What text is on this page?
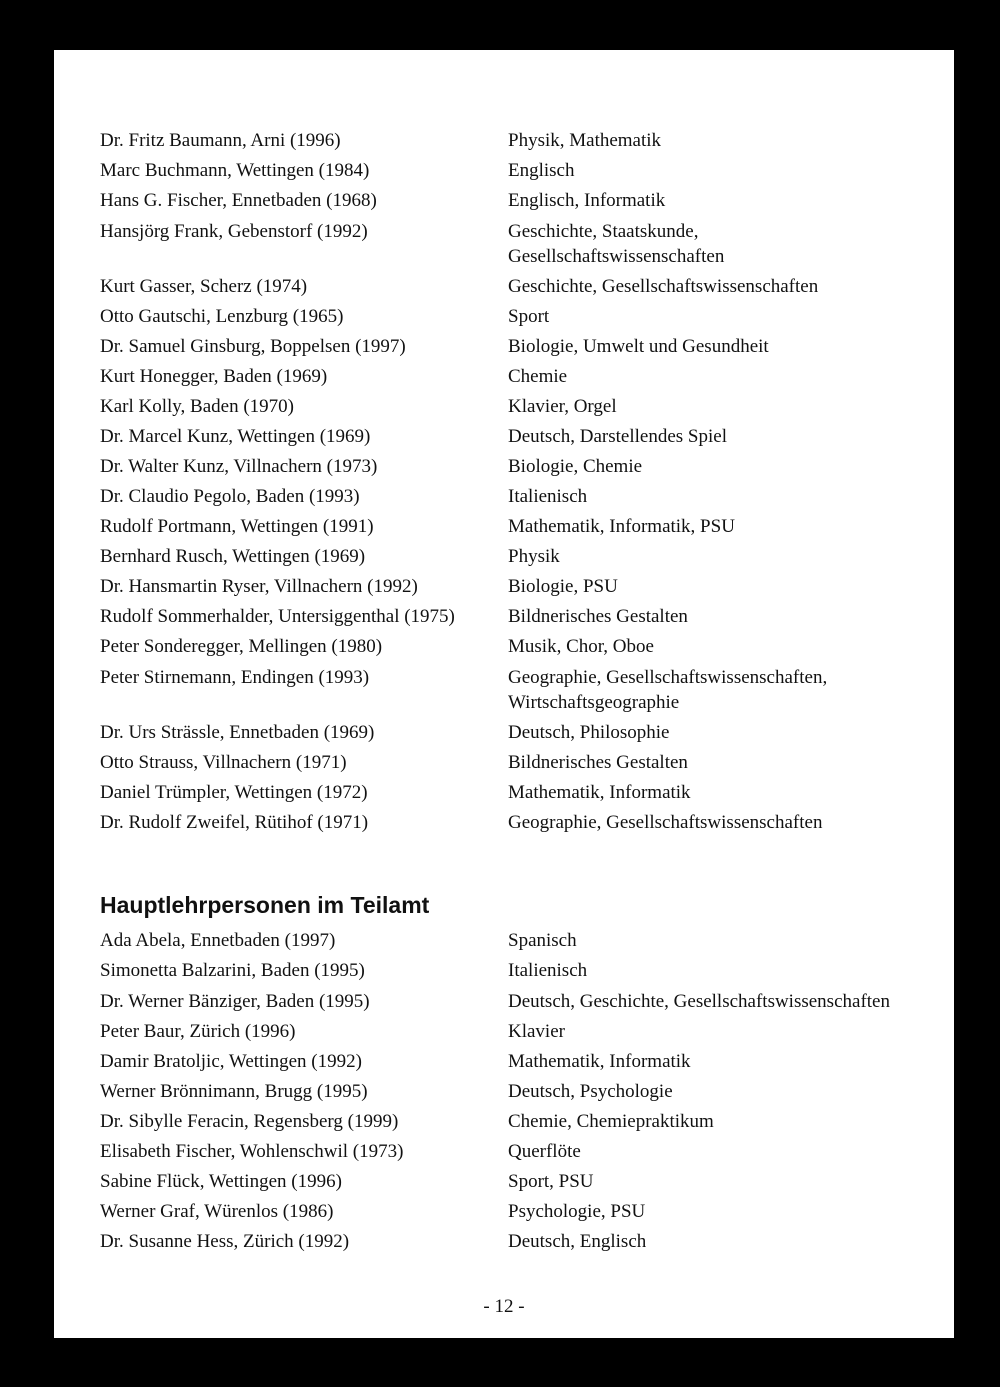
Dr. Fritz Baumann, Arni (1996)	Physik, Mathematik
Marc Buchmann, Wettingen (1984)	Englisch
Hans G. Fischer, Ennetbaden (1968)	Englisch, Informatik
Hansjörg Frank, Gebenstorf (1992)	Geschichte, Staatskunde, Gesellschaftswissenschaften
Kurt Gasser, Scherz (1974)	Geschichte, Gesellschaftswissenschaften
Otto Gautschi, Lenzburg (1965)	Sport
Dr. Samuel Ginsburg, Boppelsen (1997)	Biologie, Umwelt und Gesundheit
Kurt Honegger, Baden (1969)	Chemie
Karl Kolly, Baden (1970)	Klavier, Orgel
Dr. Marcel Kunz, Wettingen (1969)	Deutsch, Darstellendes Spiel
Dr. Walter Kunz, Villnachern (1973)	Biologie, Chemie
Dr. Claudio Pegolo, Baden (1993)	Italienisch
Rudolf Portmann, Wettingen (1991)	Mathematik, Informatik, PSU
Bernhard Rusch, Wettingen (1969)	Physik
Dr. Hansmartin Ryser, Villnachern (1992)	Biologie, PSU
Rudolf Sommerhalder, Untersiggenthal (1975)	Bildnerisches Gestalten
Peter Sonderegger, Mellingen (1980)	Musik, Chor, Oboe
Peter Stirnemann, Endingen (1993)	Geographie, Gesellschaftswissenschaften, Wirtschaftsgeographie
Dr. Urs Strässle, Ennetbaden (1969)	Deutsch, Philosophie
Otto Strauss, Villnachern (1971)	Bildnerisches Gestalten
Daniel Trümpler, Wettingen (1972)	Mathematik, Informatik
Dr. Rudolf Zweifel, Rütihof (1971)	Geographie, Gesellschaftswissenschaften
Hauptlehrpersonen im Teilamt
Ada Abela, Ennetbaden (1997)	Spanisch
Simonetta Balzarini, Baden (1995)	Italienisch
Dr. Werner Bänziger, Baden (1995)	Deutsch, Geschichte, Gesellschaftswissenschaften
Peter Baur, Zürich (1996)	Klavier
Damir Bratoljic, Wettingen (1992)	Mathematik, Informatik
Werner Brönnimann, Brugg (1995)	Deutsch, Psychologie
Dr. Sibylle Feracin, Regensberg (1999)	Chemie, Chemiepraktikum
Elisabeth Fischer, Wohlenschwil (1973)	Querflöte
Sabine Flück, Wettingen (1996)	Sport, PSU
Werner Graf, Würenlos (1986)	Psychologie, PSU
Dr. Susanne Hess, Zürich (1992)	Deutsch, Englisch
- 12 -
